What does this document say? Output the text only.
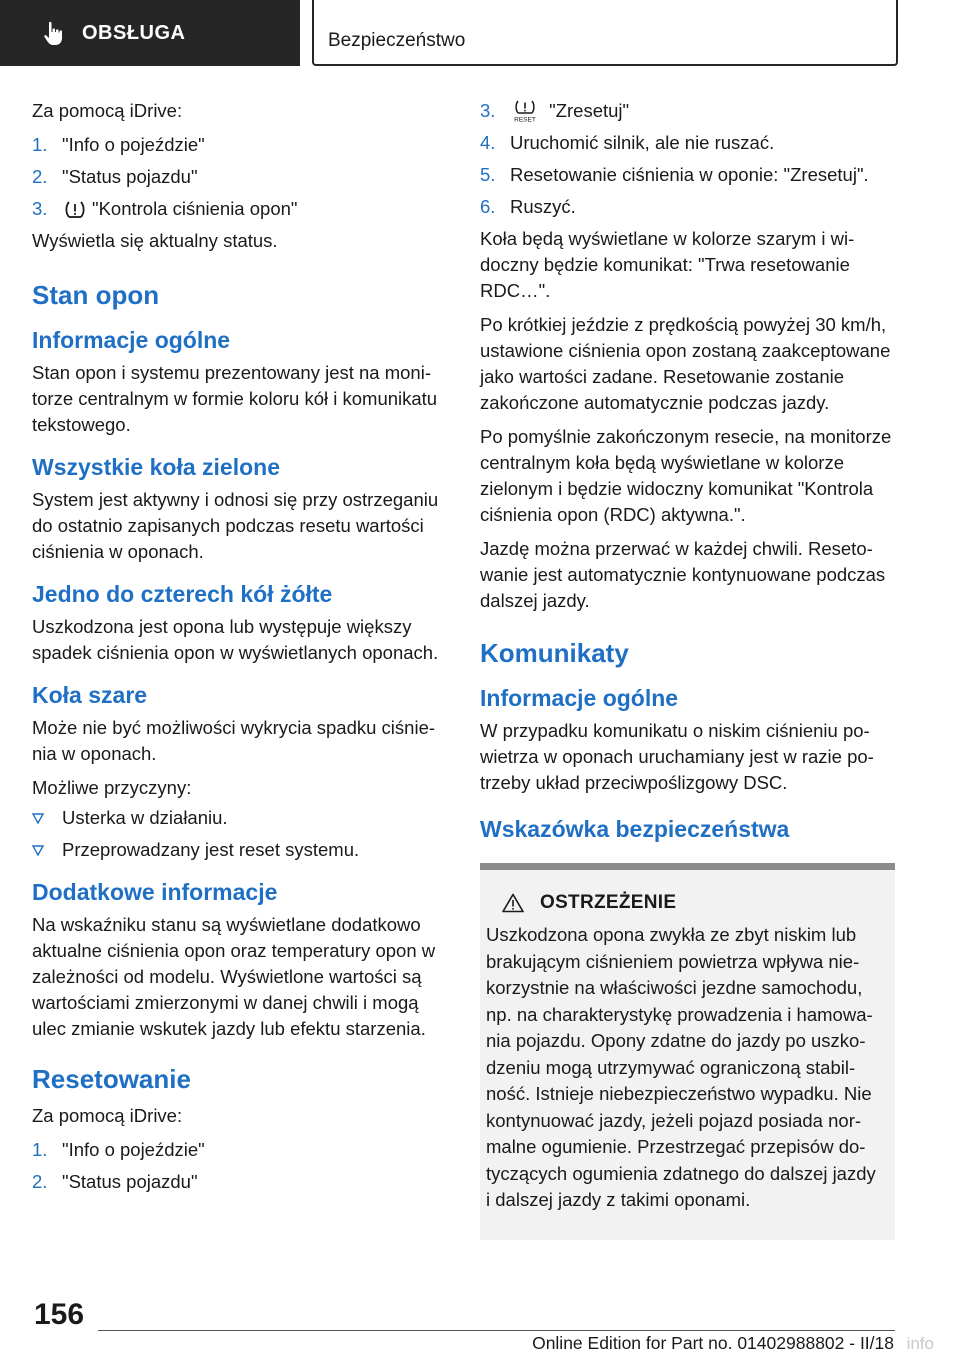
OBSŁUGA	Bezpieczeństwo

Za pomocą iDrive:

1. "Info o pojeździe"
2. "Status pojazdu"
3. "Kontrola ciśnienia opon"

Wyświetla się aktualny status.

Stan opon
Informacje ogólne

Stan opon i systemu prezentowany jest na monitorze centralnym w formie koloru kół i komunikatu tekstowego.

Wszystkie koła zielone

System jest aktywny i odnosi się przy ostrzeganiu do ostatnio zapisanych podczas resetu wartości ciśnienia w oponach.

Jedno do czterech kół żółte

Uszkodzona jest opona lub występuje większy spadek ciśnienia opon w wyświetlanych oponach.

Koła szare

Może nie być możliwości wykrycia spadku ciśnienia w oponach.

Możliwe przyczyny:

Usterka w działaniu.
Przeprowadzany jest reset systemu.
Dodatkowe informacje

Na wskaźniku stanu są wyświetlane dodatkowo aktualne ciśnienia opon oraz temperatury opon w zależności od modelu. Wyświetlone wartości są wartościami zmierzonymi w danej chwili i mogą ulec zmianie wskutek jazdy lub efektu starzenia.

Resetowanie

Za pomocą iDrive:

1. "Info o pojeździe"
2. "Status pojazdu"
3.	RESET "Zresetuj"
4. Uruchomić silnik, ale nie ruszać.
5. Resetowanie ciśnienia w oponie: "Zresetuj".
6. Ruszyć.

Koła będą wyświetlane w kolorze szarym i widoczny będzie komunikat: "Trwa resetowanie RDC…".

Po krótkiej jeździe z prędkością powyżej 30 km/h, ustawione ciśnienia opon zostaną zaakceptowane jako wartości zadane. Resetowanie zostanie zakończone automatycznie podczas jazdy.

Po pomyślnie zakończonym resecie, na monitorze centralnym koła będą wyświetlane w kolorze zielonym i będzie widoczny komunikat "Kontrola ciśnienia opon (RDC) aktywna.".

Jazdę można przerwać w każdej chwili. Resetowanie jest automatycznie kontynuowane podczas dalszej jazdy.

Komunikaty
Informacje ogólne

W przypadku komunikatu o niskim ciśnieniu powietrza w oponach uruchamiany jest w razie potrzeby układ przeciwpoślizgowy DSC.

Wskazówka bezpieczeństwa
OSTRZEŻENIE

Uszkodzona opona zwykła ze zbyt niskim lub brakującym ciśnieniem powietrza wpływa niekorzystnie na właściwości jezdne samochodu, np. na charakterystykę prowadzenia i hamowania pojazdu. Opony zdatne do jazdy po uszkodzeniu mogą utrzymywać ograniczoną stabilność. Istnieje niebezpieczeństwo wypadku. Nie kontynuować jazdy, jeżeli pojazd posiada normalne ogumienie. Przestrzegać przepisów dotyczących ogumienia zdatnego do dalszej jazdy i dalszej jazdy z takimi oponami.

156
Online Edition for Part no. 01402988802 - II/18 info
